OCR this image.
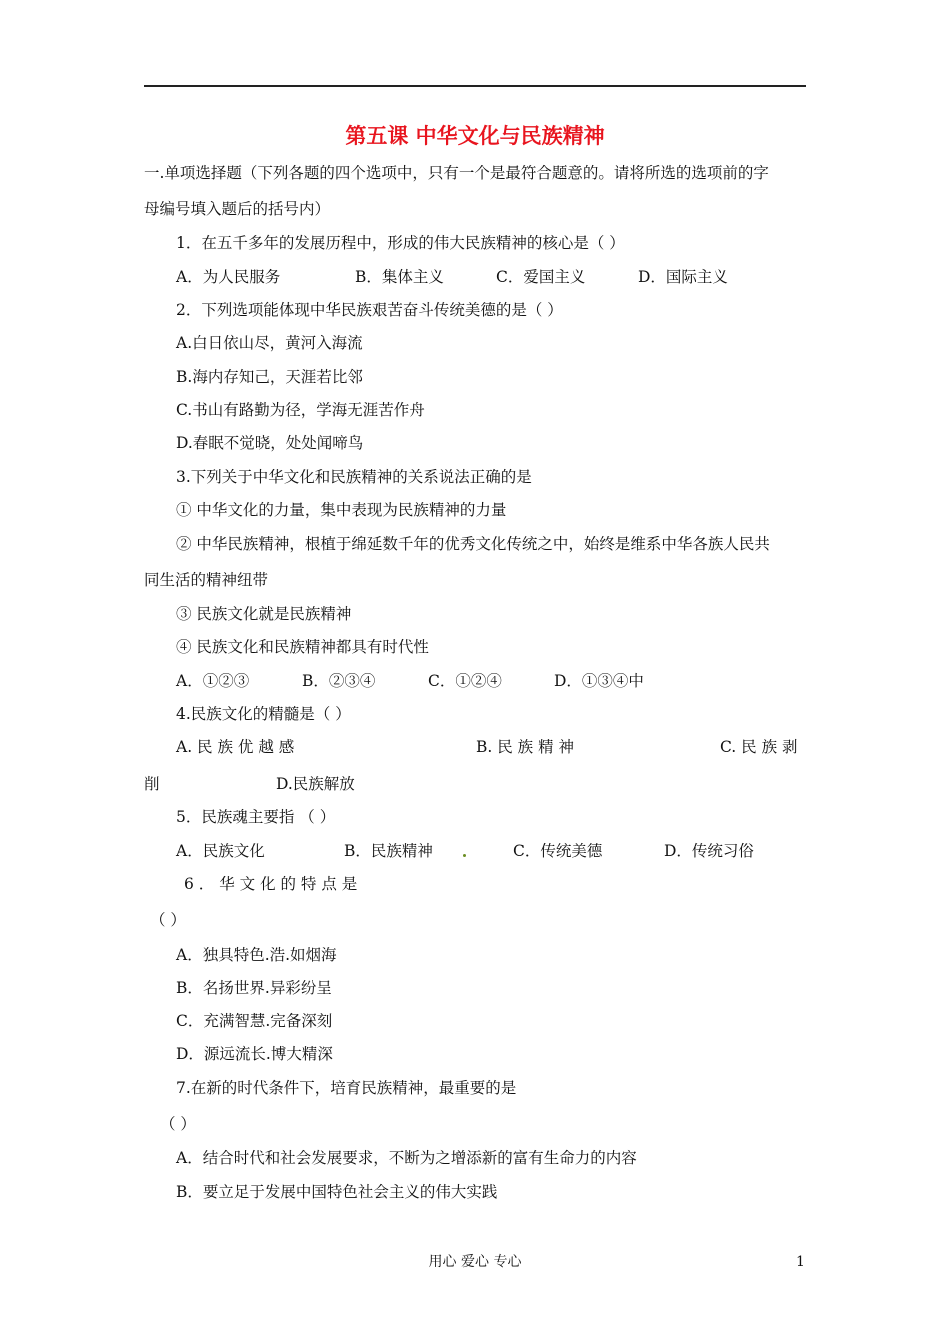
第五课 中华文化与民族精神
一.单项选择题（下列各题的四个选项中，只有一个是最符合题意的。请将所选的选项前的字
母编号填入题后的括号内）
1．在五千多年的发展历程中，形成的伟大民族精神的核心是（ ）
A．为人民服务	B．集体主义	C．爱国主义	D．国际主义
2．下列选项能体现中华民族艰苦奋斗传统美德的是（ ）
A.白日依山尽，黄河入海流
B.海内存知己，天涯若比邻
C.书山有路勤为径，学海无涯苦作舟
D.春眠不觉晓，处处闻啼鸟
3.下列关于中华文化和民族精神的关系说法正确的是
① 中华文化的力量，集中表现为民族精神的力量
② 中华民族精神，根植于绵延数千年的优秀文化传统之中，始终是维系中华各族人民共
同生活的精神纽带
③ 民族文化就是民族精神
④ 民族文化和民族精神都具有时代性
A．①②③	B．②③④	C．①②④	D．①③④中
4.民族文化的精髓是（ ）
A. 民 族 优 越 感	B. 民 族 精 神	C. 民 族 剥
削	D.民族解放
5．民族魂主要指 （ ）
A．民族文化	B．民族精神	C．传统美德	D．传统习俗
6 ． 华 文 化 的 特 点 是
（ ）
A．独具特色.浩.如烟海
B．名扬世界.异彩纷呈
C．充满智慧.完备深刻
D．源远流长.博大精深
7.在新的时代条件下，培育民族精神，最重要的是
（ ）
A．结合时代和社会发展要求，不断为之增添新的富有生命力的内容
B．要立足于发展中国特色社会主义的伟大实践
用心 爱心 专心	1
